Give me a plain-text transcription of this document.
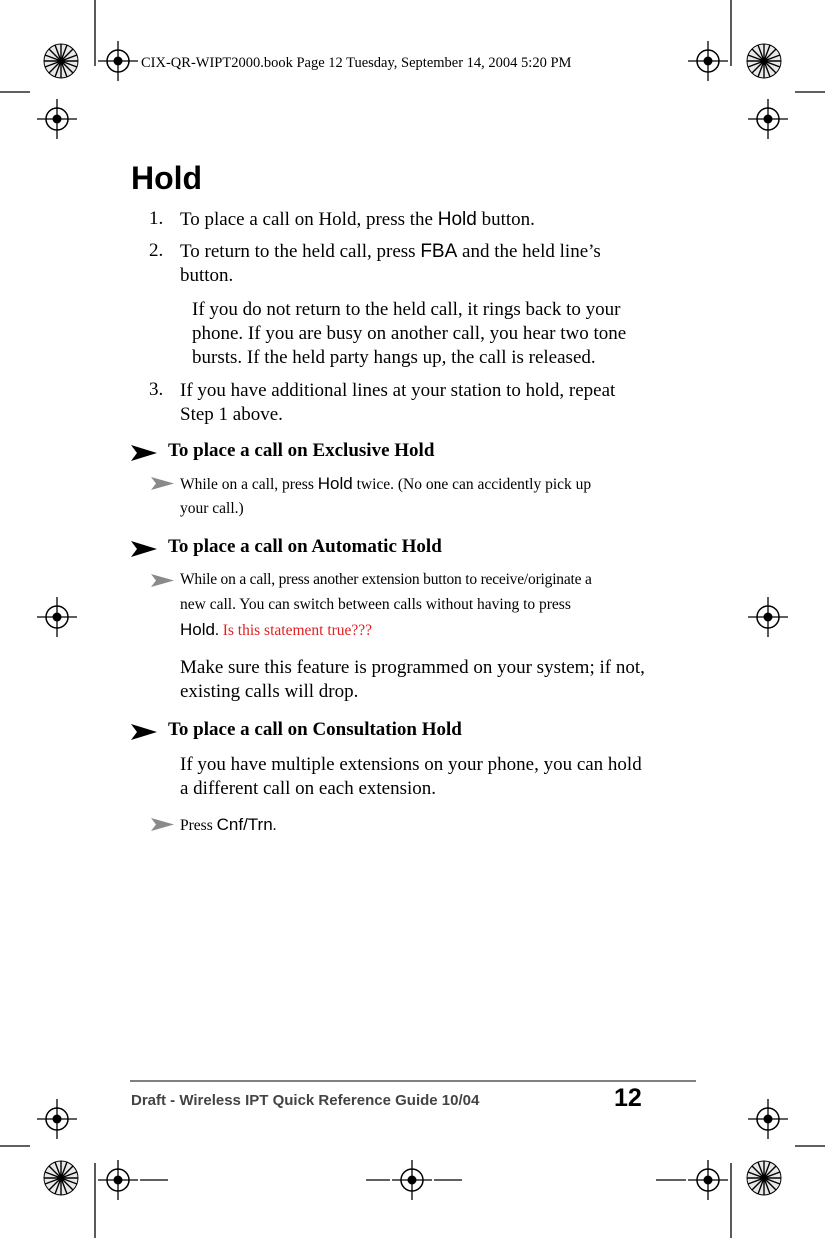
CIX-QR-WIPT2000.book Page 12 Tuesday, September 14, 2004 5:20 PM
Hold
1. To place a call on Hold, press the Hold button.
2. To return to the held call, press FBA and the held line’s
button.
If you do not return to the held call, it rings back to your
phone. If you are busy on another call, you hear two tone
bursts. If the held party hangs up, the call is released.
3. If you have additional lines at your station to hold, repeat
Step 1 above.
To place a call on Exclusive Hold
While on a call, press Hold twice. (No one can accidently pick up
your call.)
To place a call on Automatic Hold
While on a call, press another extension button to receive/originate a
new call. You can switch between calls without having to press
Hold. Is this statement true???
Make sure this feature is programmed on your system; if not,
existing calls will drop.
To place a call on Consultation Hold
If you have multiple extensions on your phone, you can hold
a different call on each extension.
Press Cnf/Trn.
Draft - Wireless IPT Quick Reference Guide 10/04	12
